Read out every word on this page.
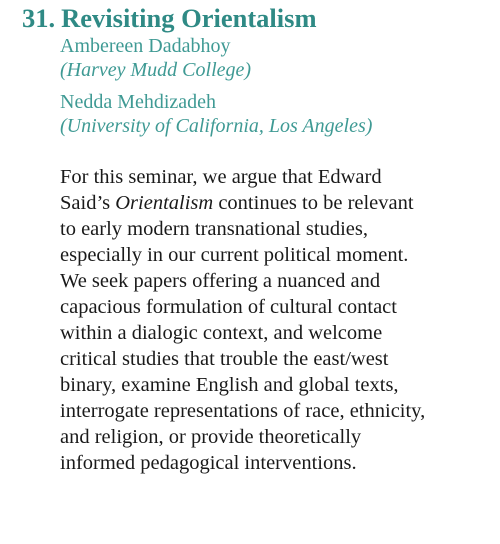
31. Revisiting Orientalism
Ambereen Dadabhoy
(Harvey Mudd College)
Nedda Mehdizadeh
(University of California, Los Angeles)

For this seminar, we argue that Edward
Said’s Orientalism continues to be relevant
to early modern transnational studies,
especially in our current political moment.
We seek papers offering a nuanced and
capacious formulation of cultural contact
within a dialogic context, and welcome
critical studies that trouble the east/west
binary, examine English and global texts,
interrogate representations of race, ethnicity,
and religion, or provide theoretically
informed pedagogical interventions.
